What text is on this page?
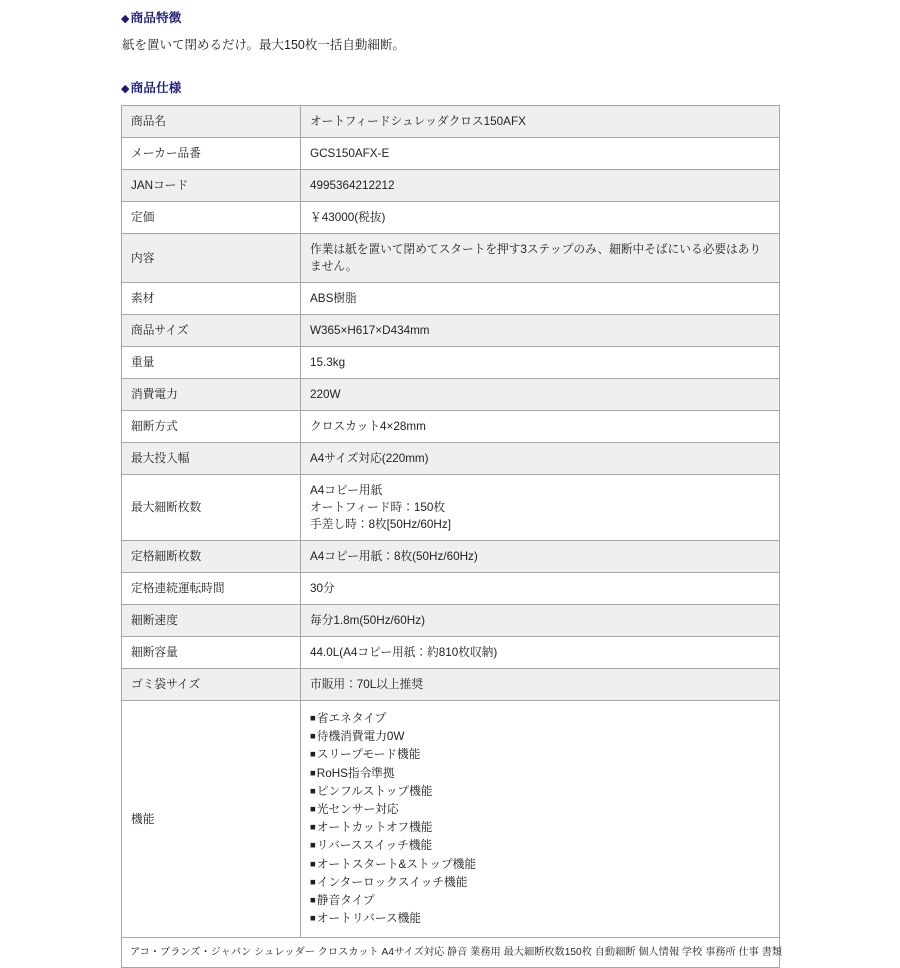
◆商品特徴

紙を置いて閉めるだけ。最大150枚一括自動細断。

◆商品仕様
商品名	オートフィードシュレッダクロス150AFX
メーカー品番	GCS150AFX-E
JANコード	4995364212212
定価	￥43000(税抜)
内容	作業は紙を置いて閉めてスタートを押す3ステップのみ、細断中そばにいる必要はありません。
素材	ABS樹脂
商品サイズ	W365×H617×D434mm
重量	15.3kg
消費電力	220W
細断方式	クロスカット4×28mm
最大投入幅	A4サイズ対応(220mm)
最大細断枚数	A4コピー用紙
オートフィード時：150枚
手差し時：8枚[50Hz/60Hz]

定格細断枚数	A4コピー用紙：8枚(50Hz/60Hz)
定格連続運転時間	30分
細断速度	毎分1.8m(50Hz/60Hz)
細断容量	44.0L(A4コピー用紙：約810枚収納)
ゴミ袋サイズ	市販用：70L以上推奨
機能	
■省エネタイプ
■待機消費電力0W
■スリープモード機能
■RoHS指令準拠
■ピンフルストップ機能
■光センサー対応
■オートカットオフ機能
■リバーススイッチ機能
■オートスタート&ストップ機能
■インターロックスイッチ機能
■静音タイプ
■オートリバース機能

アコ・ブランズ・ジャパン シュレッダー クロスカット A4サイズ対応 静音 業務用 最大細断枚数150枚 自動細断 個人情報 学校 事務所 仕事 書類	
